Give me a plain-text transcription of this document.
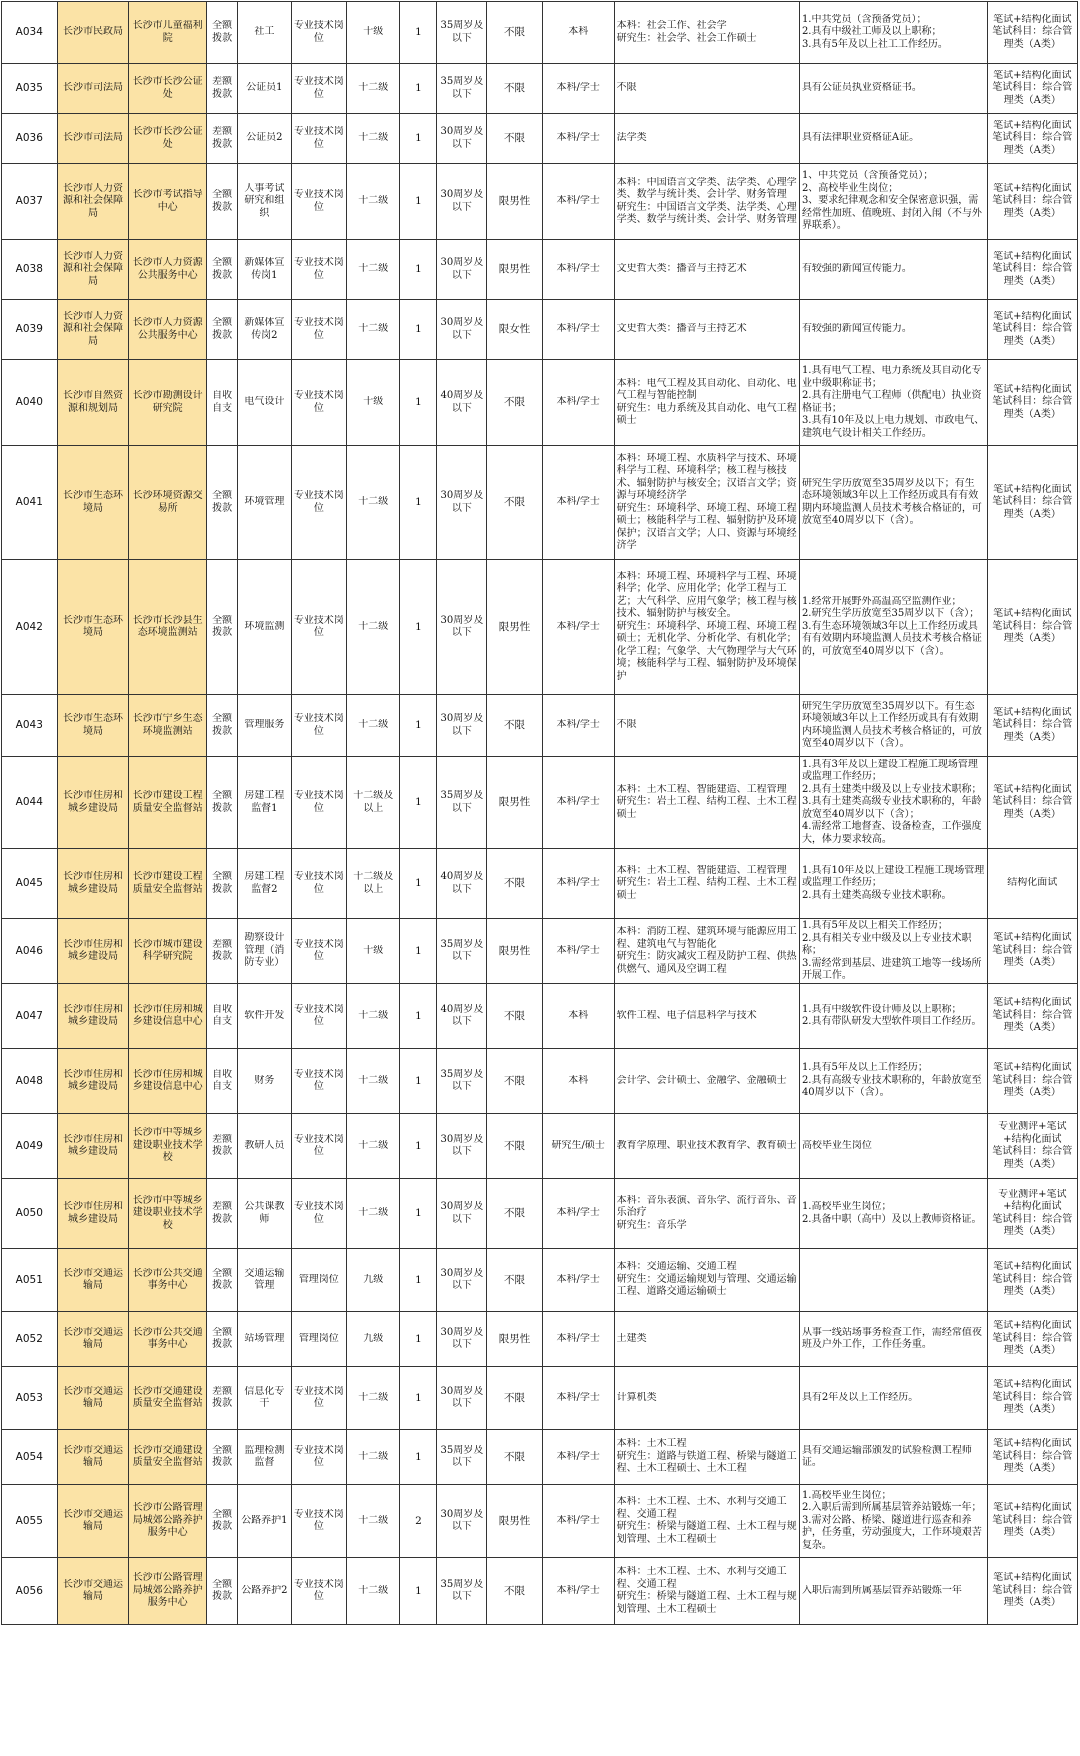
A034	长沙市民政局	长沙市儿童福利院	全额拨款	社工	专业技术岗位	十级	1	35周岁及以下	不限	本科	本科：社会工作、社会学
研究生：社会学、社会工作硕士	1.中共党员（含预备党员）；
2.具有中级社工师及以上职称；
3.具有5年及以上社工工作经历。	笔试+结构化面试
笔试科目：综合管理类（A类）

A035	长沙市司法局	长沙市长沙公证处	差额拨款	公证员1	专业技术岗位	十二级	1	35周岁及以下	不限	本科/学士	不限	具有公证员执业资格证书。	笔试+结构化面试
笔试科目：综合管理类（A类）

A036	长沙市司法局	长沙市长沙公证处	差额拨款	公证员2	专业技术岗位	十二级	1	30周岁及以下	不限	本科/学士	法学类	具有法律职业资格证A证。	笔试+结构化面试
笔试科目：综合管理类（A类）

A037	长沙市人力资源和社会保障局	长沙市考试指导中心	全额拨款	人事考试研究和组织	专业技术岗位	十二级	1	30周岁及以下	限男性	本科/学士	本科：中国语言文学类、法学类、心理学类、数学与统计类、会计学、财务管理
研究生：中国语言文学类、法学类、心理学类、数学与统计类、会计学、财务管理	1、中共党员（含预备党员）；
2、高校毕业生岗位；
3、要求纪律观念和安全保密意识强，需经常性加班、值晚班、封闭入闱（不与外界联系）。	笔试+结构化面试
笔试科目：综合管理类（A类）

A038	长沙市人力资源和社会保障局	长沙市人力资源公共服务中心	全额拨款	新媒体宣传岗1	专业技术岗位	十二级	1	30周岁及以下	限男性	本科/学士	文史哲大类：播音与主持艺术	有较强的新闻宣传能力。	笔试+结构化面试
笔试科目：综合管理类（A类）

A039	长沙市人力资源和社会保障局	长沙市人力资源公共服务中心	全额拨款	新媒体宣传岗2	专业技术岗位	十二级	1	30周岁及以下	限女性	本科/学士	文史哲大类：播音与主持艺术	有较强的新闻宣传能力。	笔试+结构化面试
笔试科目：综合管理类（A类）

A040	长沙市自然资源和规划局	长沙市勘测设计研究院	自收自支	电气设计	专业技术岗位	十级	1	40周岁及以下	不限	本科/学士	本科：电气工程及其自动化、自动化、电气工程与智能控制
研究生：电力系统及其自动化、电气工程硕士	1.具有电气工程、电力系统及其自动化专业中级职称证书；
2.具有注册电气工程师（供配电）执业资格证书；
3.具有10年及以上电力规划、市政电气、建筑电气设计相关工作经历。	笔试+结构化面试
笔试科目：综合管理类（A类）

A041	长沙市生态环境局	长沙环境资源交易所	全额拨款	环境管理	专业技术岗位	十二级	1	30周岁及以下	不限	本科/学士	本科：环境工程、水质科学与技术、环境科学与工程、环境科学；核工程与核技术、辐射防护与核安全；汉语言文学；资源与环境经济学
研究生：环境科学、环境工程、环境工程硕士；核能科学与工程、辐射防护及环境保护；汉语言文学；人口、资源与环境经济学	研究生学历放宽至35周岁及以下；有生态环境领域3年以上工作经历或具有有效期内环境监测人员技术考核合格证的，可放宽至40周岁以下（含）。	笔试+结构化面试
笔试科目：综合管理类（A类）

A042	长沙市生态环境局	长沙市长沙县生态环境监测站	全额拨款	环境监测	专业技术岗位	十二级	1	30周岁及以下	限男性	本科/学士	本科：环境工程、环境科学与工程、环境科学；化学、应用化学；化学工程与工艺；大气科学、应用气象学；核工程与核技术、辐射防护与核安全。
研究生：环境科学、环境工程、环境工程硕士；无机化学、分析化学、有机化学；化学工程；气象学、大气物理学与大气环境；核能科学与工程、辐射防护及环境保护	1.经常开展野外高温高空监测作业；
2.研究生学历放宽至35周岁以下（含）；
3.有生态环境领域3年以上工作经历或具有有效期内环境监测人员技术考核合格证的，可放宽至40周岁以下（含）。	笔试+结构化面试
笔试科目：综合管理类（A类）

A043	长沙市生态环境局	长沙市宁乡生态环境监测站	全额拨款	管理服务	专业技术岗位	十二级	1	30周岁及以下	不限	本科/学士	不限	研究生学历放宽至35周岁以下。有生态环境领域3年以上工作经历或具有有效期内环境监测人员技术考核合格证的，可放宽至40周岁以下（含）。	笔试+结构化面试
笔试科目：综合管理类（A类）

A044	长沙市住房和城乡建设局	长沙市建设工程质量安全监督站	全额拨款	房建工程监督1	专业技术岗位	十二级及以上	1	35周岁及以下	限男性	本科/学士	本科：土木工程、智能建造、工程管理
研究生：岩土工程、结构工程、土木工程硕士	1.具有3年及以上建设工程施工现场管理或监理工作经历；
2.具有土建类中级及以上专业技术职称；
3.具有土建类高级专业技术职称的，年龄放宽至40周岁以下（含）；
4.需经常工地督查、设备检查，工作强度大，体力要求较高。	笔试+结构化面试
笔试科目：综合管理类（A类）

A045	长沙市住房和城乡建设局	长沙市建设工程质量安全监督站	全额拨款	房建工程监督2	专业技术岗位	十二级及以上	1	40周岁及以下	不限	本科/学士	本科：土木工程、智能建造、工程管理
研究生：岩土工程、结构工程、土木工程硕士	1.具有10年及以上建设工程施工现场管理或监理工作经历；
2.具有土建类高级专业技术职称。	结构化面试

A046	长沙市住房和城乡建设局	长沙市城市建设科学研究院	差额拨款	勘察设计管理（消防专业）	专业技术岗位	十级	1	35周岁及以下	限男性	本科/学士	本科：消防工程、建筑环境与能源应用工程、建筑电气与智能化
研究生：防灾减灾工程及防护工程、供热供燃气、通风及空调工程	1.具有5年及以上相关工作经历；
2.具有相关专业中级及以上专业技术职称；
3.需经常到基层、进建筑工地等一线场所开展工作。	笔试+结构化面试
笔试科目：综合管理类（A类）

A047	长沙市住房和城乡建设局	长沙市住房和城乡建设信息中心	自收自支	软件开发	专业技术岗位	十二级	1	40周岁及以下	不限	本科	软件工程、电子信息科学与技术	1.具有中级软件设计师及以上职称；
2.具有带队研发大型软件项目工作经历。	笔试+结构化面试
笔试科目：综合管理类（A类）

A048	长沙市住房和城乡建设局	长沙市住房和城乡建设信息中心	自收自支	财务	专业技术岗位	十二级	1	35周岁及以下	不限	本科	会计学、会计硕士、金融学、金融硕士	1.具有5年及以上工作经历；
2.具有高级专业技术职称的，年龄放宽至40周岁以下（含）。	笔试+结构化面试
笔试科目：综合管理类（A类）

A049	长沙市住房和城乡建设局	长沙市中等城乡建设职业技术学校	差额拨款	教研人员	专业技术岗位	十二级	1	30周岁及以下	不限	研究生/硕士	教育学原理、职业技术教育学、教育硕士	高校毕业生岗位	专业测评+笔试+结构化面试
笔试科目：综合管理类（A类）

A050	长沙市住房和城乡建设局	长沙市中等城乡建设职业技术学校	差额拨款	公共课教师	专业技术岗位	十二级	1	30周岁及以下	不限	本科/学士	本科：音乐表演、音乐学、流行音乐、音乐治疗
研究生：音乐学	1.高校毕业生岗位；
2.具备中职（高中）及以上教师资格证。	专业测评+笔试+结构化面试
笔试科目：综合管理类（A类）

A051	长沙市交通运输局	长沙市公共交通事务中心	全额拨款	交通运输管理	管理岗位	九级	1	30周岁及以下	不限	本科/学士	本科：交通运输、交通工程
研究生：交通运输规划与管理、交通运输工程、道路交通运输硕士		笔试+结构化面试
笔试科目：综合管理类（A类）

A052	长沙市交通运输局	长沙市公共交通事务中心	全额拨款	站场管理	管理岗位	九级	1	30周岁及以下	限男性	本科/学士	土建类	从事一线站场事务检查工作，需经常值夜班及户外工作，工作任务重。	笔试+结构化面试
笔试科目：综合管理类（A类）

A053	长沙市交通运输局	长沙市交通建设质量安全监督站	差额拨款	信息化专干	专业技术岗位	十二级	1	30周岁及以下	不限	本科/学士	计算机类	具有2年及以上工作经历。	笔试+结构化面试
笔试科目：综合管理类（A类）

A054	长沙市交通运输局	长沙市交通建设质量安全监督站	全额拨款	监理检测监督	专业技术岗位	十二级	1	35周岁及以下	不限	本科/学士	本科：土木工程
研究生：道路与铁道工程、桥梁与隧道工程、土木工程硕士、土木工程	具有交通运输部颁发的试验检测工程师证。	笔试+结构化面试
笔试科目：综合管理类（A类）

A055	长沙市交通运输局	长沙市公路管理局城郊公路养护服务中心	全额拨款	公路养护1	专业技术岗位	十二级	2	30周岁及以下	限男性	本科/学士	本科：土木工程、土木、水利与交通工程、交通工程
研究生：桥梁与隧道工程、土木工程与规划管理、土木工程硕士	1.高校毕业生岗位；
2.入职后需到所属基层管养站锻炼一年；
3.需对公路、桥梁、隧道进行巡查和养护，任务重，劳动强度大，工作环境艰苦复杂。	笔试+结构化面试
笔试科目：综合管理类（A类）

A056	长沙市交通运输局	长沙市公路管理局城郊公路养护服务中心	全额拨款	公路养护2	专业技术岗位	十二级	1	35周岁及以下	不限	本科/学士	本科：土木工程、土木、水利与交通工程、交通工程
研究生：桥梁与隧道工程、土木工程与规划管理、土木工程硕士	入职后需到所属基层管养站锻炼一年	笔试+结构化面试
笔试科目：综合管理类（A类）
